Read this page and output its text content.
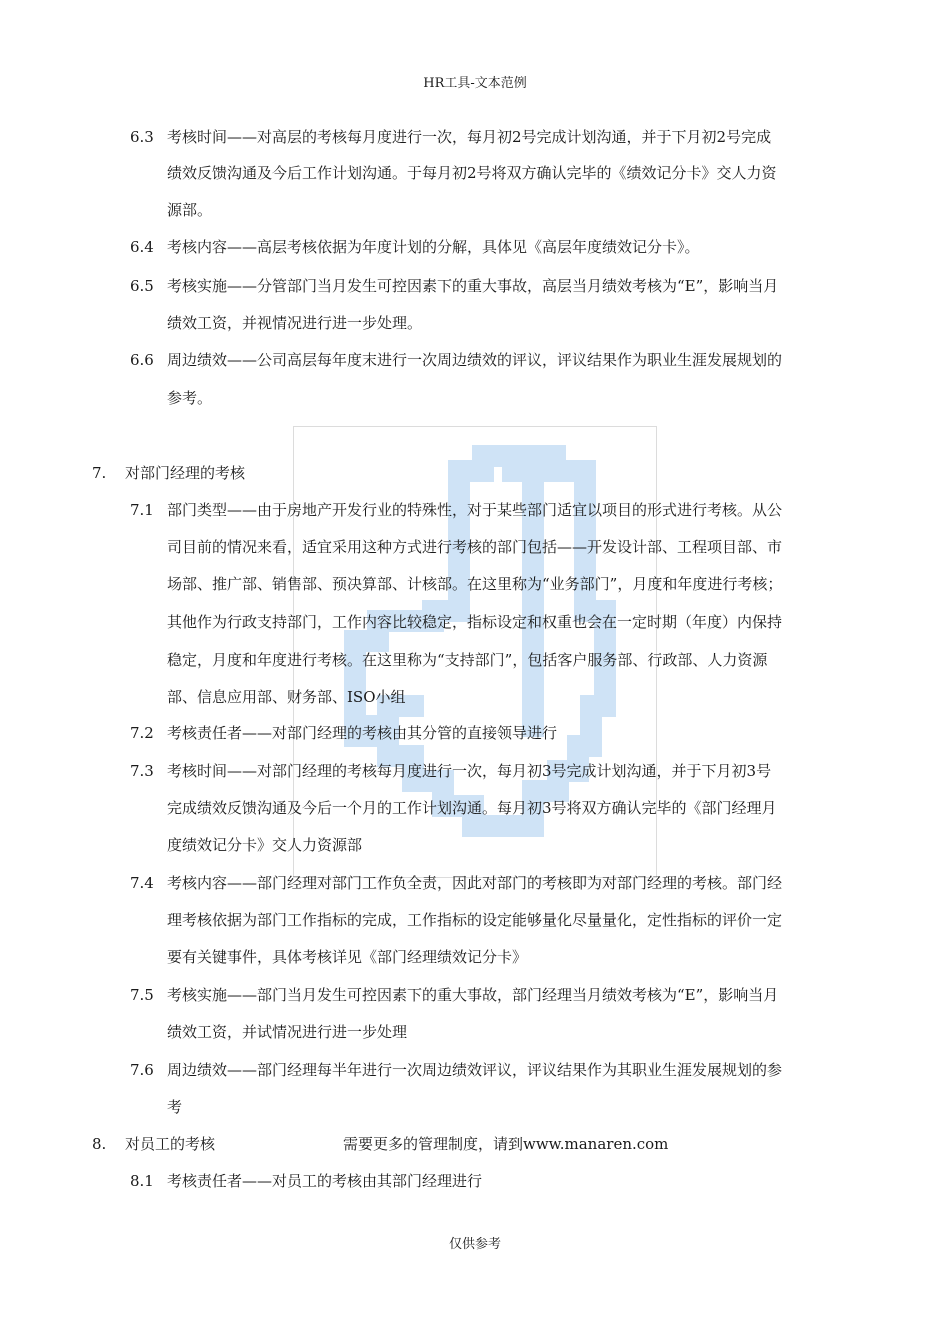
HR工具-文本范例
6.3 考核时间——对高层的考核每月度进行一次，每月初2号完成计划沟通，并于下月初2号完成
绩效反馈沟通及今后工作计划沟通。于每月初2号将双方确认完毕的《绩效记分卡》交人力资
源部。
6.4 考核内容——高层考核依据为年度计划的分解，具体见《高层年度绩效记分卡》。
6.5 考核实施——分管部门当月发生可控因素下的重大事故，高层当月绩效考核为“E”，影响当月
绩效工资，并视情况进行进一步处理。
6.6 周边绩效——公司高层每年度末进行一次周边绩效的评议，评议结果作为职业生涯发展规划的
参考。
7. 对部门经理的考核
7.1 部门类型——由于房地产开发行业的特殊性，对于某些部门适宜以项目的形式进行考核。从公
司目前的情况来看，适宜采用这种方式进行考核的部门包括——开发设计部、工程项目部、市
场部、推广部、销售部、预决算部、计核部。在这里称为“业务部门”，月度和年度进行考核；
其他作为行政支持部门，工作内容比较稳定，指标设定和权重也会在一定时期（年度）内保持
稳定，月度和年度进行考核。在这里称为“支持部门”，包括客户服务部、行政部、人力资源
部、信息应用部、财务部、ISO小组
7.2 考核责任者——对部门经理的考核由其分管的直接领导进行
7.3 考核时间——对部门经理的考核每月度进行一次，每月初3号完成计划沟通，并于下月初3号
完成绩效反馈沟通及今后一个月的工作计划沟通。每月初3号将双方确认完毕的《部门经理月
度绩效记分卡》交人力资源部
7.4 考核内容——部门经理对部门工作负全责，因此对部门的考核即为对部门经理的考核。部门经
理考核依据为部门工作指标的完成，工作指标的设定能够量化尽量量化，定性指标的评价一定
要有关键事件，具体考核详见《部门经理绩效记分卡》
7.5 考核实施——部门当月发生可控因素下的重大事故，部门经理当月绩效考核为“E”，影响当月
绩效工资，并试情况进行进一步处理
7.6 周边绩效——部门经理每半年进行一次周边绩效评议，评议结果作为其职业生涯发展规划的参
考
8. 对员工的考核	需要更多的管理制度，请到www.manaren.com
8.1 考核责任者——对员工的考核由其部门经理进行
仅供参考
